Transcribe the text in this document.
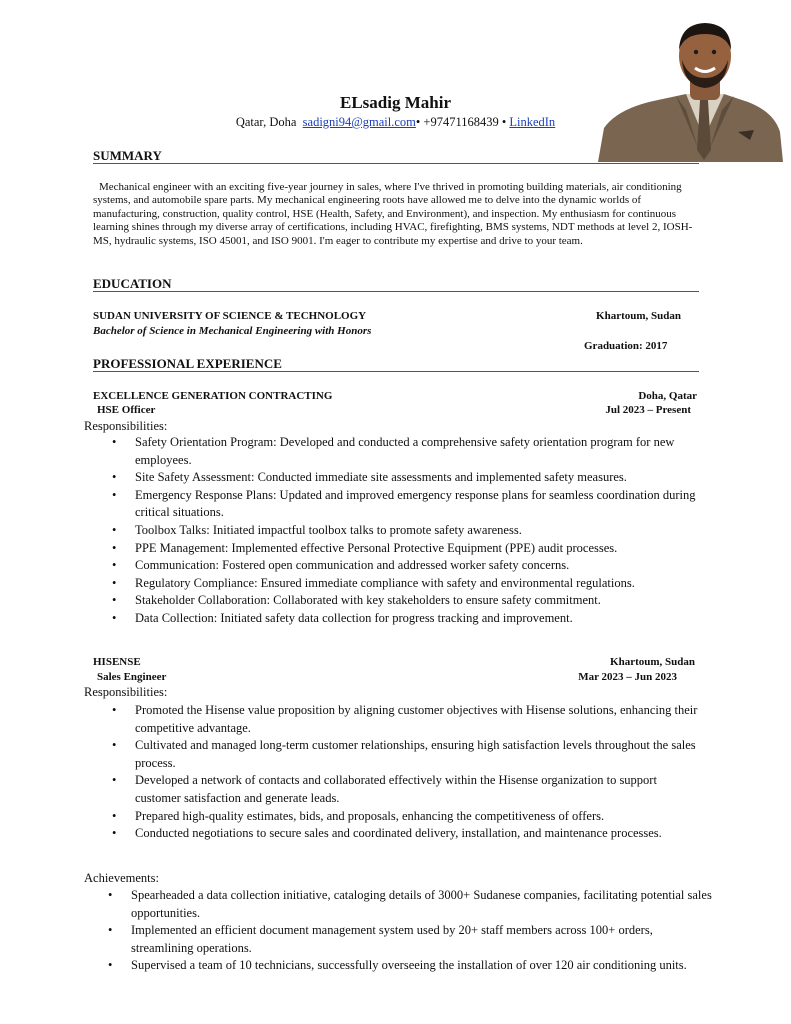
ELsadig Mahir
Qatar, Doha sadigni94@gmail.com• +97471168439 • LinkedIn
SUMMARY
Mechanical engineer with an exciting five-year journey in sales, where I've thrived in promoting building materials, air conditioning systems, and automobile spare parts. My mechanical engineering roots have allowed me to delve into the dynamic worlds of manufacturing, construction, quality control, HSE (Health, Safety, and Environment), and inspection. My enthusiasm for continuous learning shines through my diverse array of certifications, including HVAC, firefighting, BMS systems, NDT methods at level 2, IOSH-MS, hydraulic systems, ISO 45001, and ISO 9001. I'm eager to contribute my expertise and drive to your team.
EDUCATION
Khartoum, Sudan
SUDAN UNIVERSITY OF SCIENCE & TECHNOLOGY
Bachelor of Science in Mechanical Engineering with Honors
Graduation: 2017
PROFESSIONAL EXPERIENCE
Doha, Qatar
EXCELLENCE GENERATION CONTRACTING
Jul 2023 – Present
HSE Officer
Responsibilities:
• Safety Orientation Program: Developed and conducted a comprehensive safety orientation program for new employees.
• Site Safety Assessment: Conducted immediate site assessments and implemented safety measures.
• Emergency Response Plans: Updated and improved emergency response plans for seamless coordination during critical situations.
• Toolbox Talks: Initiated impactful toolbox talks to promote safety awareness.
• PPE Management: Implemented effective Personal Protective Equipment (PPE) audit processes.
• Communication: Fostered open communication and addressed worker safety concerns.
• Regulatory Compliance: Ensured immediate compliance with safety and environmental regulations.
• Stakeholder Collaboration: Collaborated with key stakeholders to ensure safety commitment.
• Data Collection: Initiated safety data collection for progress tracking and improvement.
Khartoum, Sudan
HISENSE
Mar 2023 – Jun 2023
Sales Engineer
Responsibilities:
• Promoted the Hisense value proposition by aligning customer objectives with Hisense solutions, enhancing their competitive advantage.
• Cultivated and managed long-term customer relationships, ensuring high satisfaction levels throughout the sales process.
• Developed a network of contacts and collaborated effectively within the Hisense organization to support customer satisfaction and generate leads.
• Prepared high-quality estimates, bids, and proposals, enhancing the competitiveness of offers.
• Conducted negotiations to secure sales and coordinated delivery, installation, and maintenance processes.
Achievements:
• Spearheaded a data collection initiative, cataloging details of 3000+ Sudanese companies, facilitating potential sales opportunities.
• Implemented an efficient document management system used by 20+ staff members across 100+ orders, streamlining operations.
• Supervised a team of 10 technicians, successfully overseeing the installation of over 120 air conditioning units.
